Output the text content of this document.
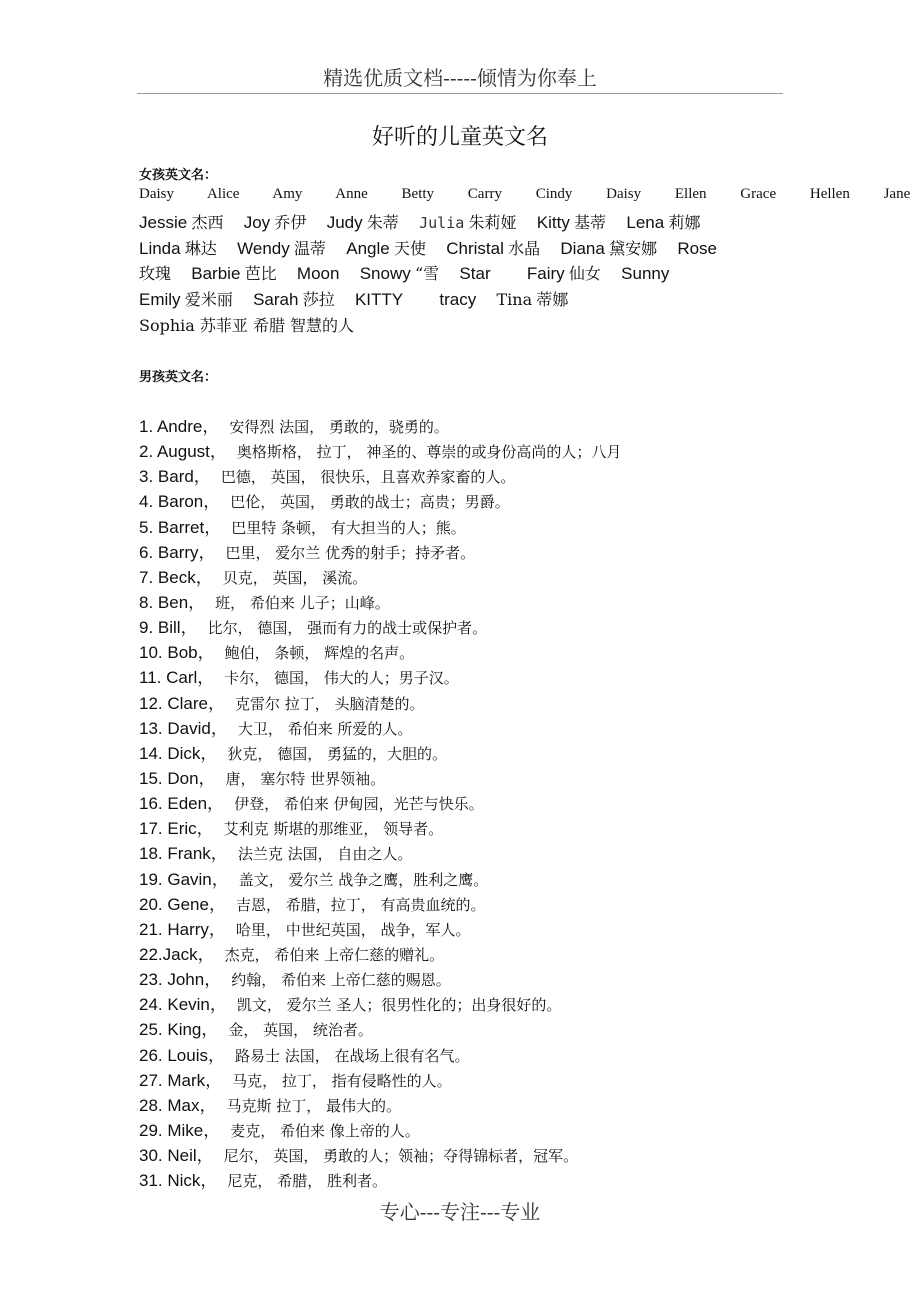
精选优质文档-----倾情为你奉上
好听的儿童英文名
女孩英文名：
Daisy Alice Amy Anne Betty Carry Cindy Daisy Ellen Grace Hellen Jane
Jessie 杰西 Joy 乔伊 Judy 朱蒂 Julia 朱莉娅 Kitty 基蒂 Lena 莉娜
Linda 琳达 Wendy 温蒂 Angle 天使 Christal 水晶 Diana 黛安娜 Rose
玫瑰 Barbie 芭比 Moon Snowy “雪 Star Fairy 仙女 Sunny
Emily 爱米丽 Sarah 莎拉 KITTY tracy Tina 蒂娜
Sophia 苏菲亚 希腊 智慧的人
男孩英文名：
1. Andre， 安得烈 法国， 勇敢的，骁勇的。
2. August， 奥格斯格， 拉丁， 神圣的、尊崇的或身份高尚的人；八月
3. Bard， 巴德， 英国， 很快乐，且喜欢养家畜的人。
4. Baron， 巴伦， 英国， 勇敢的战士；高贵；男爵。
5. Barret， 巴里特 条顿， 有大担当的人；熊。
6. Barry， 巴里， 爱尔兰 优秀的射手；持矛者。
7. Beck， 贝克， 英国， 溪流。
8. Ben， 班， 希伯来 儿子；山峰。
9. Bill， 比尔， 德国， 强而有力的战士或保护者。
10. Bob， 鲍伯， 条顿， 辉煌的名声。
11. Carl， 卡尔， 德国， 伟大的人；男子汉。
12. Clare， 克雷尔 拉丁， 头脑清楚的。
13. David， 大卫， 希伯来 所爱的人。
14. Dick， 狄克， 德国， 勇猛的，大胆的。
15. Don， 唐， 塞尔特 世界领袖。
16. Eden， 伊登， 希伯来 伊甸园，光芒与快乐。
17. Eric， 艾利克 斯堪的那维亚， 领导者。
18. Frank， 法兰克 法国， 自由之人。
19. Gavin， 盖文， 爱尔兰 战争之鹰，胜利之鹰。
20. Gene， 吉恩， 希腊，拉丁， 有高贵血统的。
21. Harry， 哈里， 中世纪英国， 战争，军人。
22.Jack， 杰克， 希伯来 上帝仁慈的赠礼。
23. John， 约翰， 希伯来 上帝仁慈的赐恩。
24. Kevin， 凯文， 爱尔兰 圣人；很男性化的；出身很好的。
25. King， 金， 英国， 统治者。
26. Louis， 路易士 法国， 在战场上很有名气。
27. Mark， 马克， 拉丁， 指有侵略性的人。
28. Max， 马克斯 拉丁， 最伟大的。
29. Mike， 麦克， 希伯来 像上帝的人。
30. Neil， 尼尔， 英国， 勇敢的人；领袖；夺得锦标者，冠军。
31. Nick， 尼克， 希腊， 胜利者。
专心---专注---专业
